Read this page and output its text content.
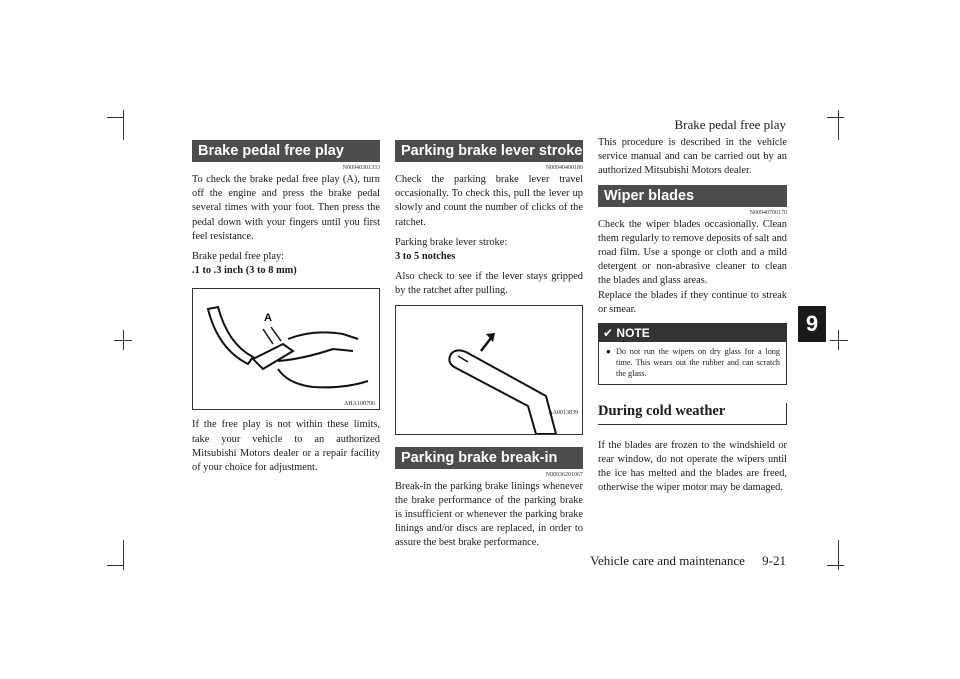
Brake pedal free play
9
Brake pedal free play
N00940301333

To check the brake pedal free play (A), turn off the engine and press the brake pedal several times with your foot. Then press the pedal down with your fingers until you first feel resistance.

Brake pedal free play:
.1 to .3 inch (3 to 8 mm)
A
AHA100706

If the free play is not within these limits, take your vehicle to an authorized Mitsubishi Motors dealer or a repair facility of your choice for adjustment.

Parking brake lever stroke
N00940400180

Check the parking brake lever travel occasionally. To check this, pull the lever up slowly and count the number of clicks of the ratchet.

Parking brake lever stroke:
3 to 5 notches

Also check to see if the lever stays gripped by the ratchet after pulling.

AA0013839
Parking brake break-in
N00936201067

Break-in the parking brake linings whenever the brake performance of the parking brake is insufficient or whenever the parking brake linings and/or discs are replaced, in order to assure the best brake performance.

This procedure is described in the vehicle service manual and can be carried out by an authorized Mitsubishi Motors dealer.

Wiper blades
N00940700170
Check the wiper blades occasionally. Clean them regularly to remove deposits of salt and road film. Use a sponge or cloth and a mild detergent or non-abrasive cleaner to clean the blades and glass areas.

Replace the blades if they continue to streak or smear.

✔ NOTE
● Do not run the wipers on dry glass for a long time. This wears out the rubber and can scratch the glass.
During cold weather

If the blades are frozen to the windshield or rear window, do not operate the wipers until the ice has melted and the blades are freed, otherwise the wiper motor may be damaged.

Vehicle care and maintenance 9-21
